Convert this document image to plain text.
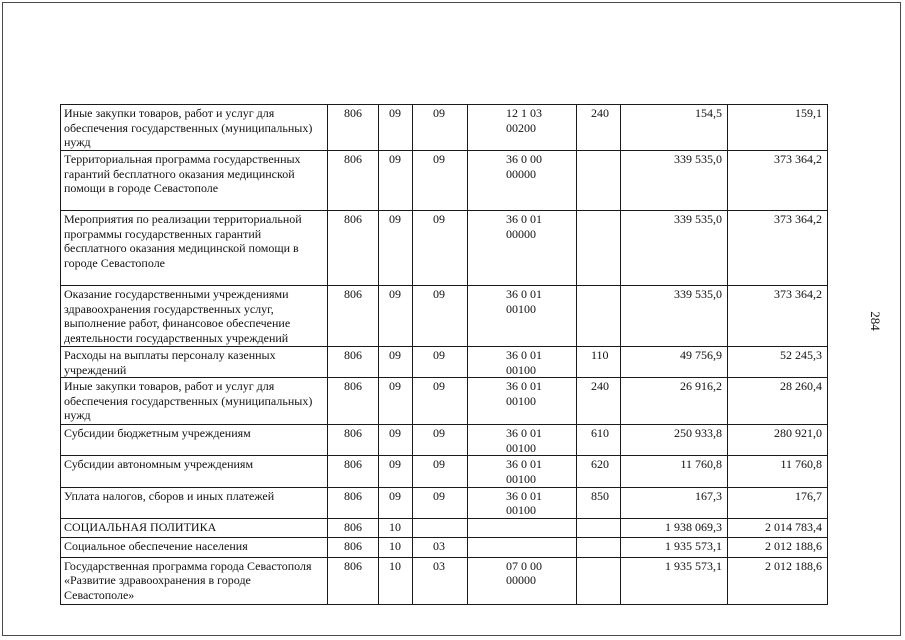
284
Иные закупки товаров, работ и услуг для обеспечения государственных (муниципальных) нужд	806	09	09	12 1 03 00200	240	154,5	159,1
Территориальная программа государственных гарантий бесплатного оказания медицинской помощи в городе Севастополе	806	09	09	36 0 00 00000		339 535,0	373 364,2
Мероприятия по реализации территориальной программы государственных гарантий бесплатного оказания медицинской помощи в городе Севастополе	806	09	09	36 0 01 00000		339 535,0	373 364,2
Оказание государственными учреждениями здравоохранения государственных услуг, выполнение работ, финансовое обеспечение деятельности государственных учреждений	806	09	09	36 0 01 00100		339 535,0	373 364,2
Расходы на выплаты персоналу казенных учреждений	806	09	09	36 0 01 00100	110	49 756,9	52 245,3
Иные закупки товаров, работ и услуг для обеспечения государственных (муниципальных) нужд	806	09	09	36 0 01 00100	240	26 916,2	28 260,4
Субсидии бюджетным учреждениям	806	09	09	36 0 01 00100	610	250 933,8	280 921,0
Субсидии автономным учреждениям	806	09	09	36 0 01 00100	620	11 760,8	11 760,8
Уплата налогов, сборов и иных платежей	806	09	09	36 0 01 00100	850	167,3	176,7
СОЦИАЛЬНАЯ ПОЛИТИКА	806	10				1 938 069,3	2 014 783,4
Социальное обеспечение населения	806	10	03			1 935 573,1	2 012 188,6
Государственная программа города Севастополя «Развитие здравоохранения в городе Севастополе»	806	10	03	07 0 00 00000		1 935 573,1	2 012 188,6
